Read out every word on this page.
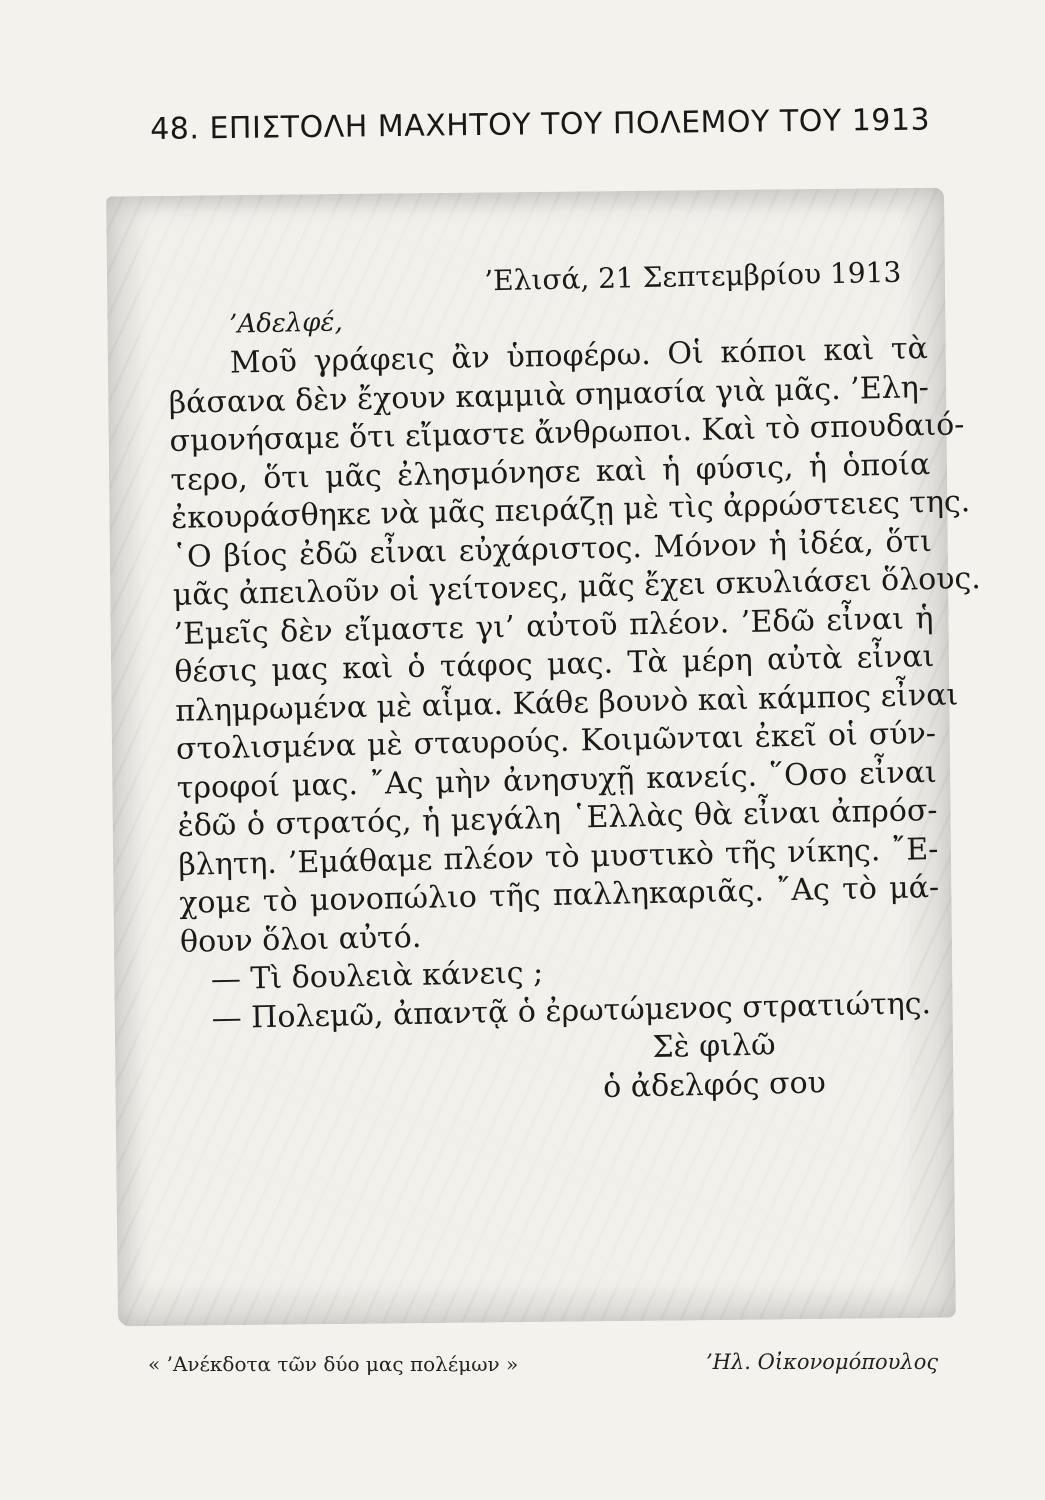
48. ΕΠΙΣΤΟΛΗ ΜΑΧΗΤΟΥ ΤΟΥ ΠΟΛΕΜΟΥ ΤΟΥ 1913
’Ελισά, 21 Σεπτεμβρίου 1913
’Αδελφέ,
Μοῦ γράφεις ἂν ὑποφέρω. Οἱ κόποι καὶ τὰ
βάσανα δὲν ἔχουν καμμιὰ σημασία γιὰ μᾶς. ’Ελη-
σμονήσαμε ὅτι εἴμαστε ἄνθρωποι. Καὶ τὸ σπουδαιό-
τερο, ὅτι μᾶς ἐλησμόνησε καὶ ἡ φύσις, ἡ ὁποία
ἐκουράσθηκε νὰ μᾶς πειράζῃ μὲ τὶς ἀρρώστειες της.
῾Ο βίος ἐδῶ εἶναι εὐχάριστος. Μόνον ἡ ἰδέα, ὅτι
μᾶς ἀπειλοῦν οἱ γείτονες, μᾶς ἔχει σκυλιάσει ὅλους.
’Εμεῖς δὲν εἴμαστε γι’ αὐτοῦ πλέον. ’Εδῶ εἶναι ἡ
θέσις μας καὶ ὁ τάφος μας. Τὰ μέρη αὐτὰ εἶναι
πλημρωμένα μὲ αἷμα. Κάθε βουνὸ καὶ κάμπος εἶναι
στολισμένα μὲ σταυρούς. Κοιμῶνται ἐκεῖ οἱ σύν-
τροφοί μας. ῎Ας μὴν ἀνησυχῇ κανείς. ῞Οσο εἶναι
ἐδῶ ὁ στρατός, ἡ μεγάλη ῾Ελλὰς θὰ εἶναι ἀπρόσ-
βλητη. ’Εμάθαμε πλέον τὸ μυστικὸ τῆς νίκης. ῎Ε-
χομε τὸ μονοπώλιο τῆς παλληκαριᾶς. ῎Ας τὸ μά-
θουν ὅλοι αὐτό.
— Τὶ δουλειὰ κάνεις ;
— Πολεμῶ, ἀπαντᾷ ὁ ἐρωτώμενος στρατιώτης.
Σὲ φιλῶ
ὁ ἀδελφός σου
« ’Ανέκδοτα τῶν δύο μας πολέμων »	’Ηλ. Οἰκονομόπουλος
